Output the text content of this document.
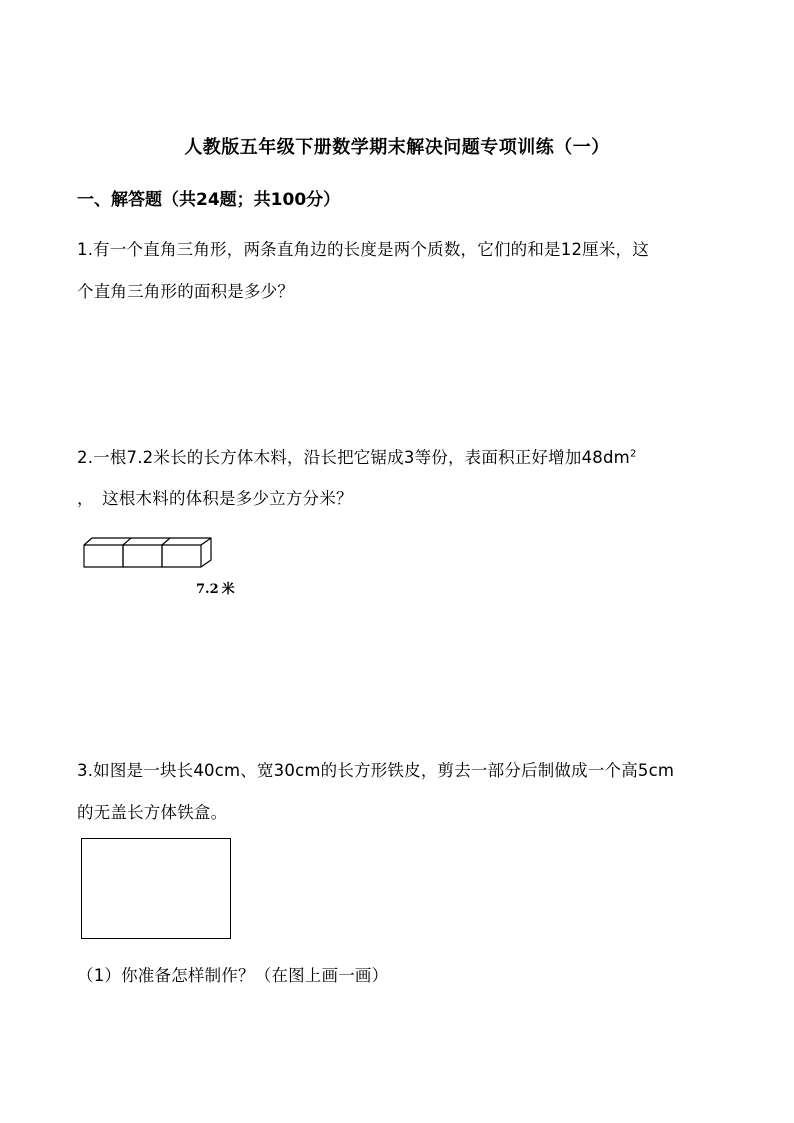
人教版五年级下册数学期末解决问题专项训练（一）
一、解答题（共24题；共100分）
1.有一个直角三角形，两条直角边的长度是两个质数，它们的和是12厘米，这
个直角三角形的面积是多少？
2.一根7.2米长的长方体木料，沿长把它锯成3等份，表面积正好增加$48dm^2$
，　这根木料的体积是多少立方分米？
7.2 米
3.如图是一块长40cm、宽30cm的长方形铁皮，剪去一部分后制做成一个高5cm
的无盖长方体铁盒。
（1）你准备怎样制作？（在图上画一画）
